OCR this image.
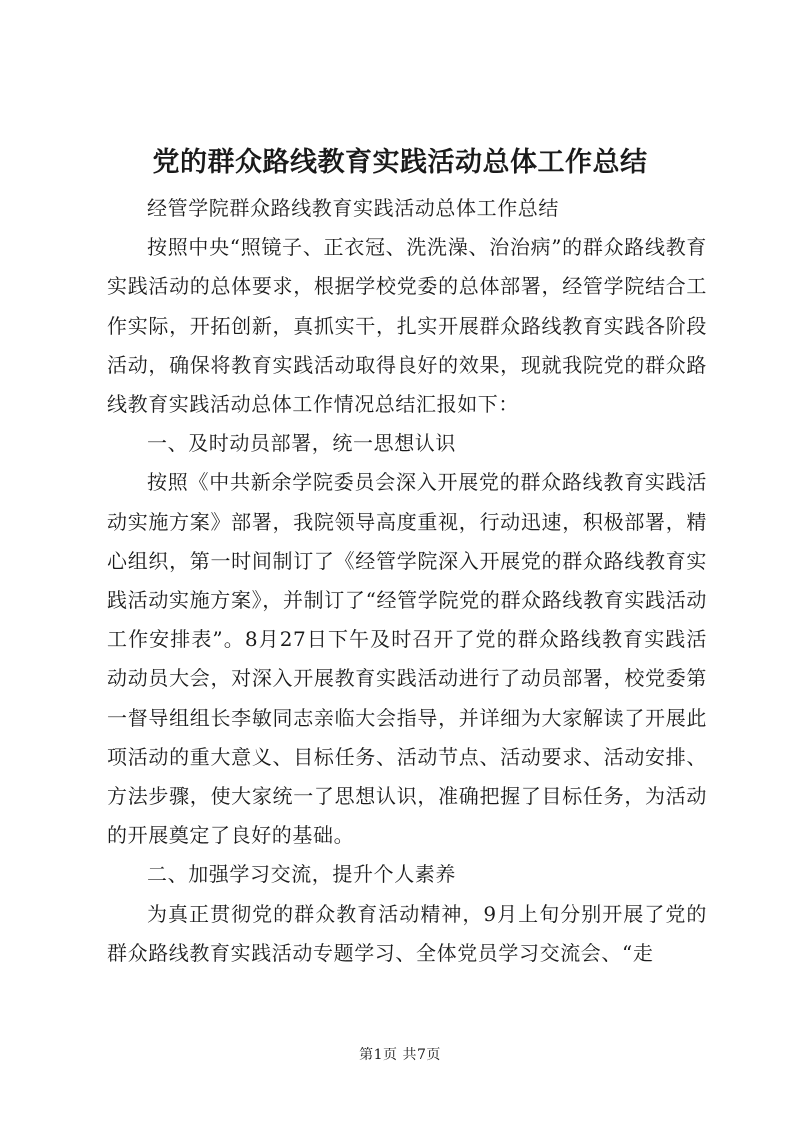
党的群众路线教育实践活动总体工作总结

经管学院群众路线教育实践活动总体工作总结

按照中央“照镜子、正衣冠、洗洗澡、治治病”的群众路线教育实践活动的总体要求，根据学校党委的总体部署，经管学院结合工作实际，开拓创新，真抓实干，扎实开展群众路线教育实践各阶段活动，确保将教育实践活动取得良好的效果，现就我院党的群众路线教育实践活动总体工作情况总结汇报如下：

一、及时动员部署，统一思想认识

按照《中共新余学院委员会深入开展党的群众路线教育实践活动实施方案》部署，我院领导高度重视，行动迅速，积极部署，精心组织，第一时间制订了《经管学院深入开展党的群众路线教育实践活动实施方案》，并制订了“经管学院党的群众路线教育实践活动工作安排表”。8月27日下午及时召开了党的群众路线教育实践活动动员大会，对深入开展教育实践活动进行了动员部署，校党委第一督导组组长李敏同志亲临大会指导，并详细为大家解读了开展此项活动的重大意义、目标任务、活动节点、活动要求、活动安排、方法步骤，使大家统一了思想认识，准确把握了目标任务，为活动的开展奠定了良好的基础。

二、加强学习交流，提升个人素养

为真正贯彻党的群众教育活动精神，9月上旬分别开展了党的群众路线教育实践活动专题学习、全体党员学习交流会、“走

第1页 共7页
